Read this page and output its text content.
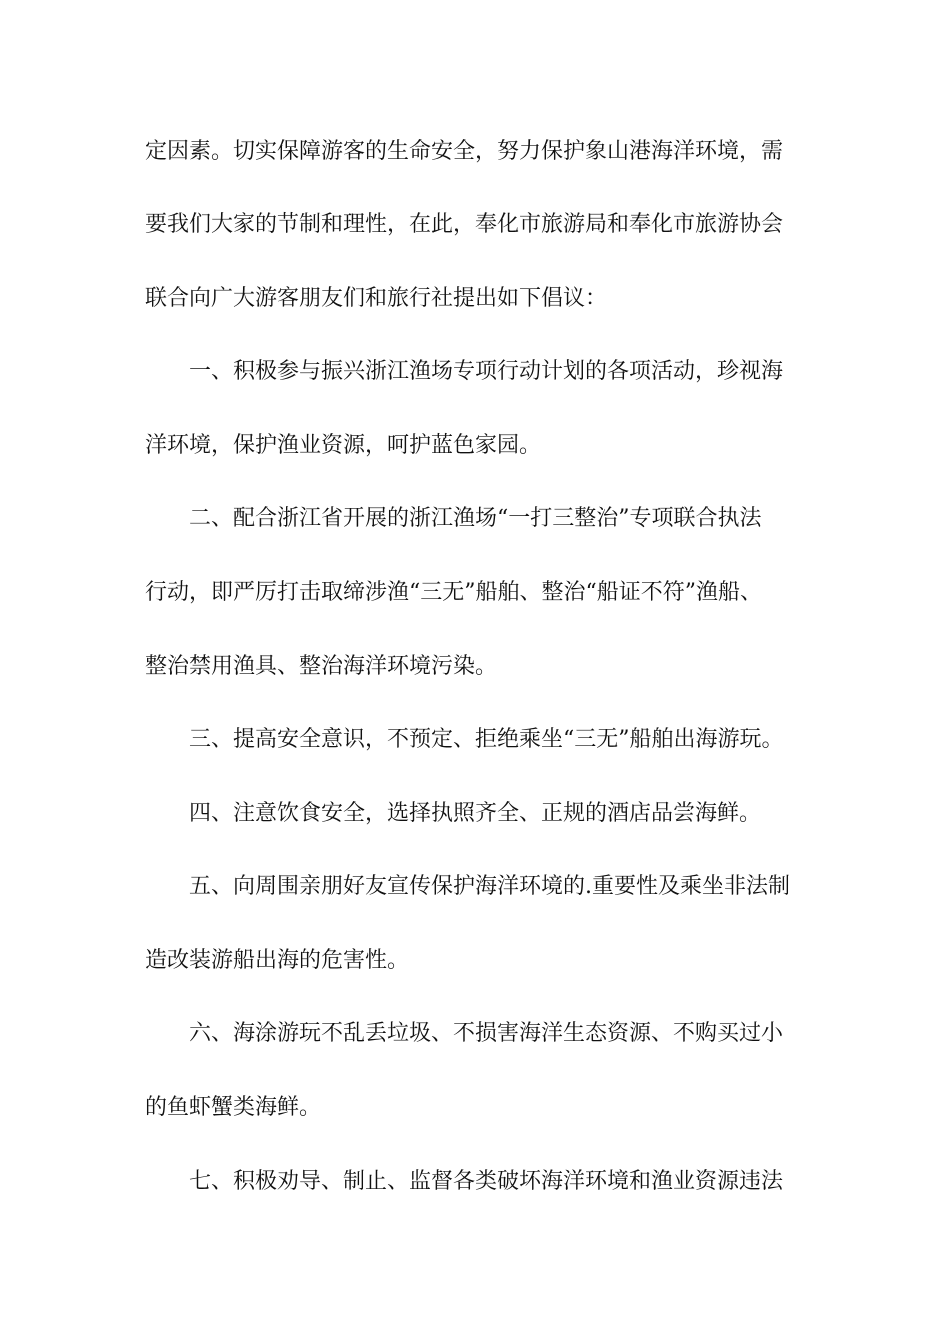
定因素。切实保障游客的生命安全，努力保护象山港海洋环境，需

要我们大家的节制和理性，在此，奉化市旅游局和奉化市旅游协会

联合向广大游客朋友们和旅行社提出如下倡议：

一、积极参与振兴浙江渔场专项行动计划的各项活动，珍视海

洋环境，保护渔业资源，呵护蓝色家园。

二、配合浙江省开展的浙江渔场“一打三整治”专项联合执法

行动，即严厉打击取缔涉渔“三无”船舶、整治“船证不符”渔船、

整治禁用渔具、整治海洋环境污染。

三、提高安全意识，不预定、拒绝乘坐“三无”船舶出海游玩。

四、注意饮食安全，选择执照齐全、正规的酒店品尝海鲜。

五、向周围亲朋好友宣传保护海洋环境的.重要性及乘坐非法制

造改装游船出海的危害性。

六、海涂游玩不乱丢垃圾、不损害海洋生态资源、不购买过小

的鱼虾蟹类海鲜。

七、积极劝导、制止、监督各类破坏海洋环境和渔业资源违法
